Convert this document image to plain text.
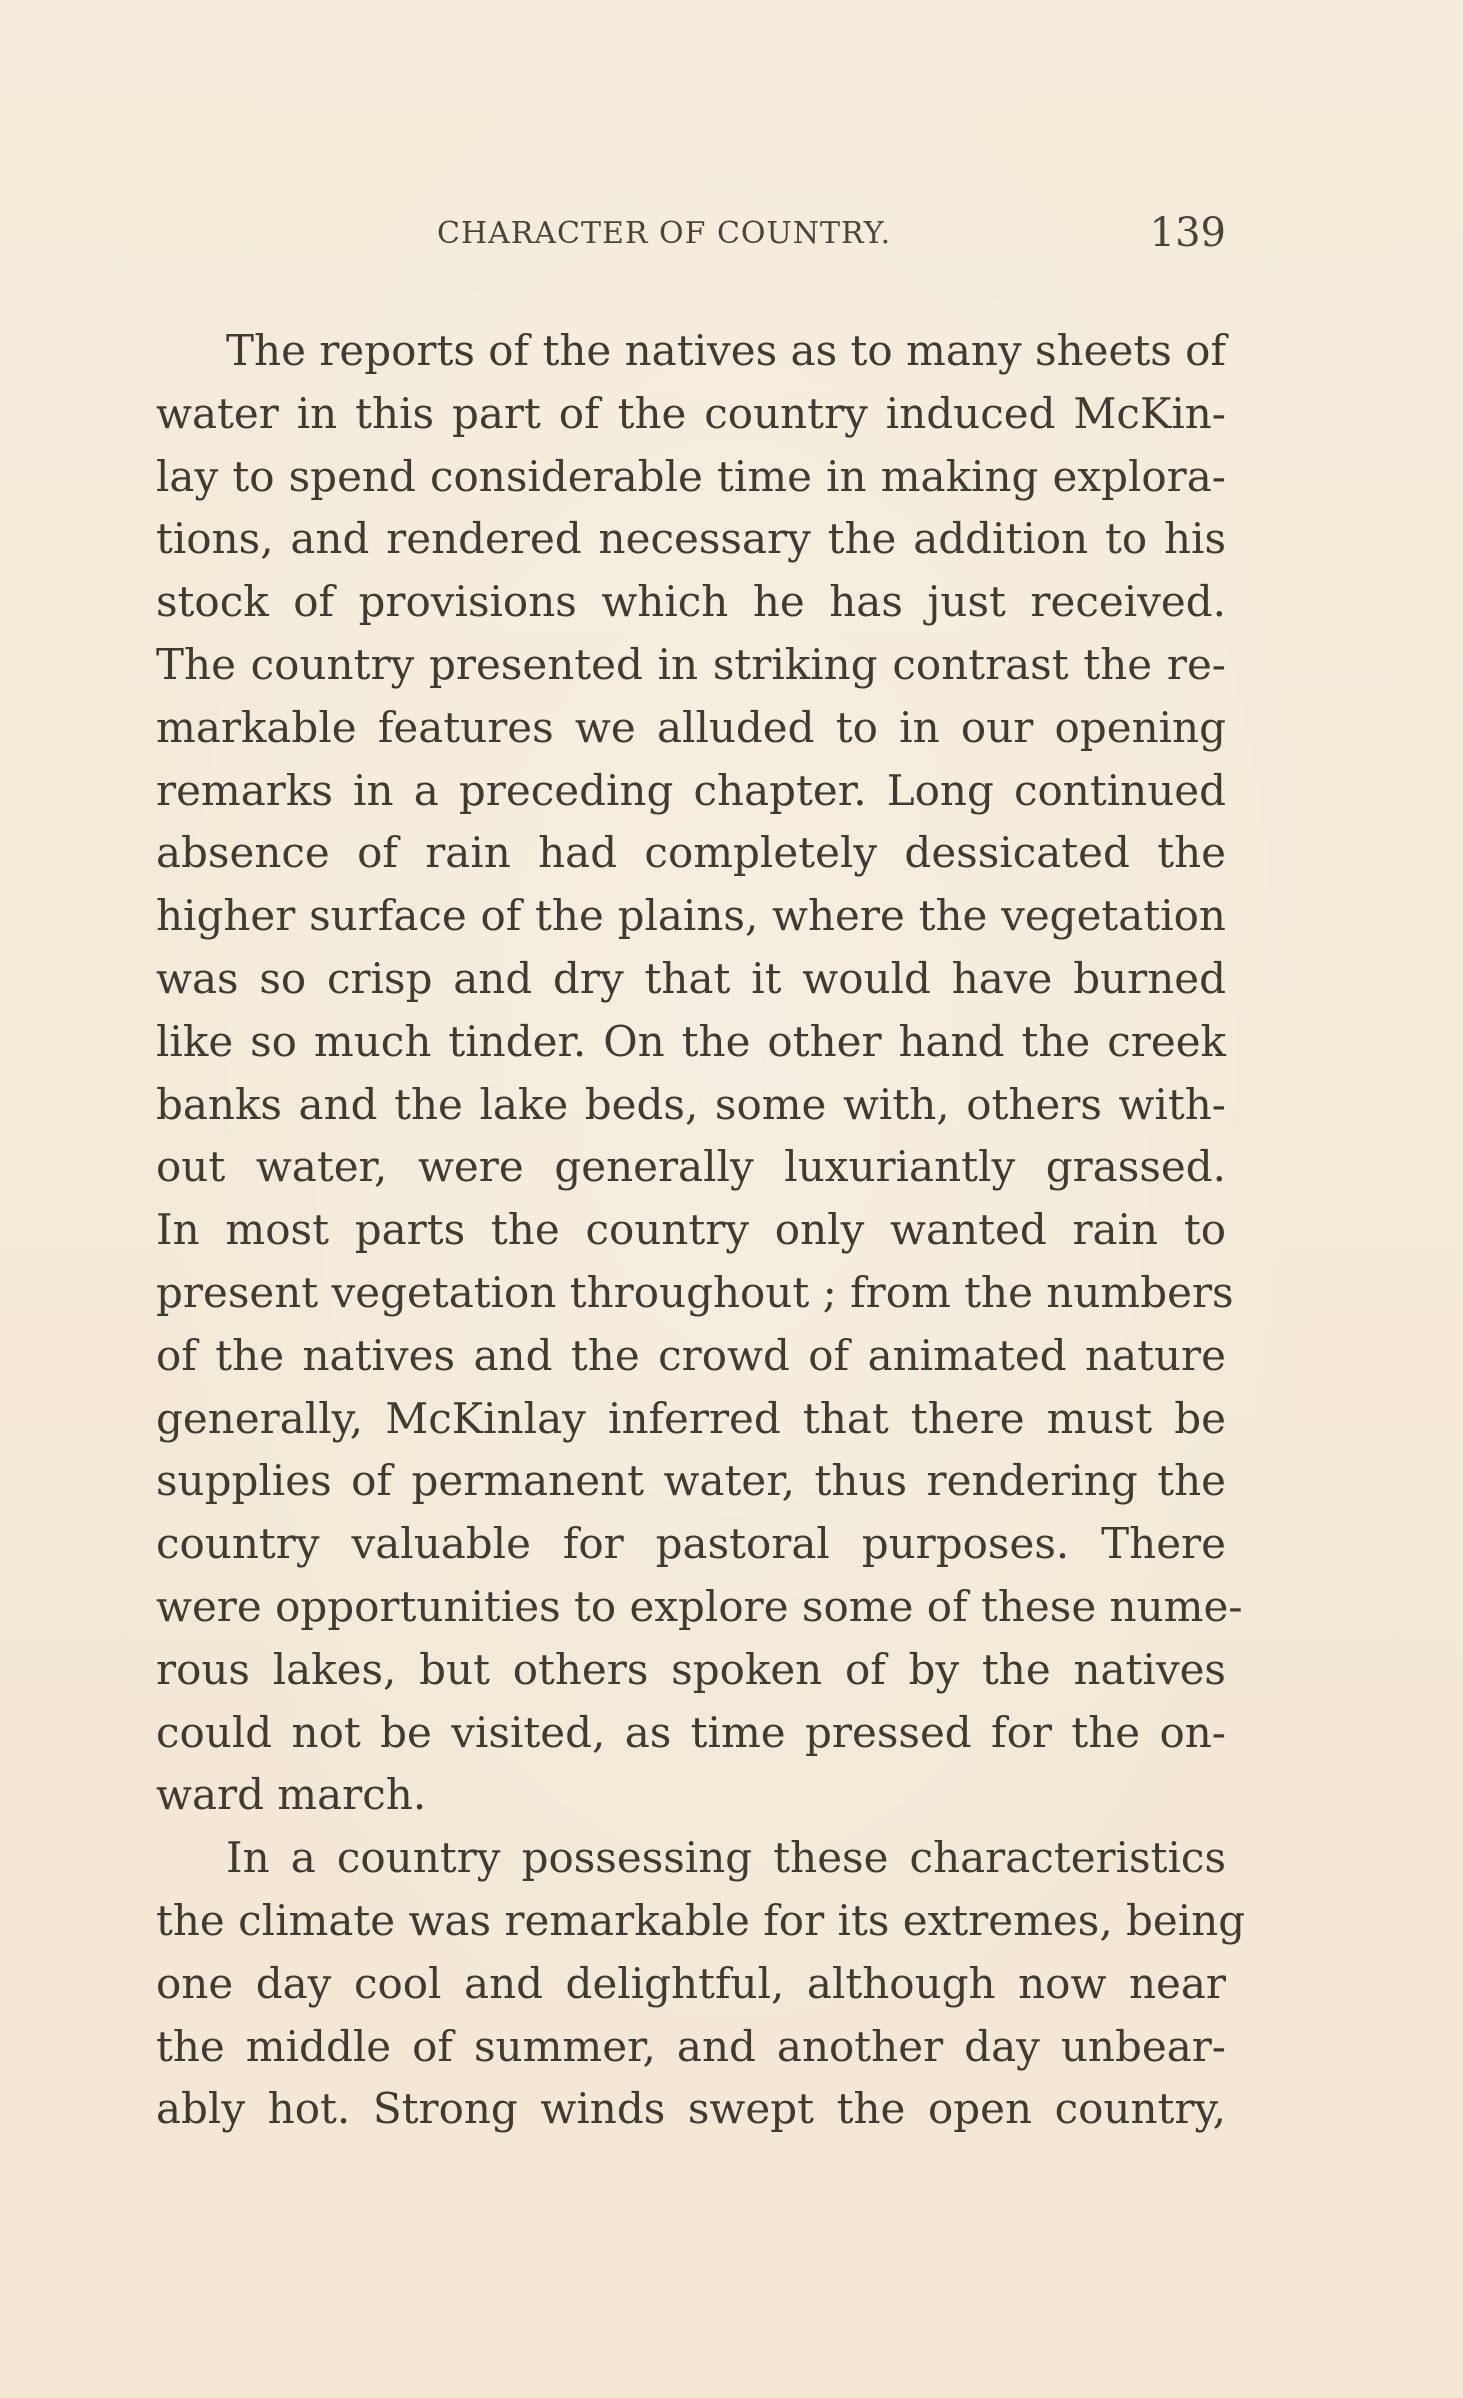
CHARACTER OF COUNTRY.	139
The reports of the natives as to many sheets of
water in this part of the country induced McKin-
lay to spend considerable time in making explora-
tions, and rendered necessary the addition to his
stock of provisions which he has just received.
The country presented in striking contrast the re-
markable features we alluded to in our opening
remarks in a preceding chapter. Long continued
absence of rain had completely dessicated the
higher surface of the plains, where the vegetation
was so crisp and dry that it would have burned
like so much tinder. On the other hand the creek
banks and the lake beds, some with, others with-
out water, were generally luxuriantly grassed.
In most parts the country only wanted rain to
present vegetation throughout ; from the numbers
of the natives and the crowd of animated nature
generally, McKinlay inferred that there must be
supplies of permanent water, thus rendering the
country valuable for pastoral purposes. There
were opportunities to explore some of these nume-
rous lakes, but others spoken of by the natives
could not be visited, as time pressed for the on-
ward march.
In a country possessing these characteristics
the climate was remarkable for its extremes, being
one day cool and delightful, although now near
the middle of summer, and another day unbear-
ably hot. Strong winds swept the open country,
